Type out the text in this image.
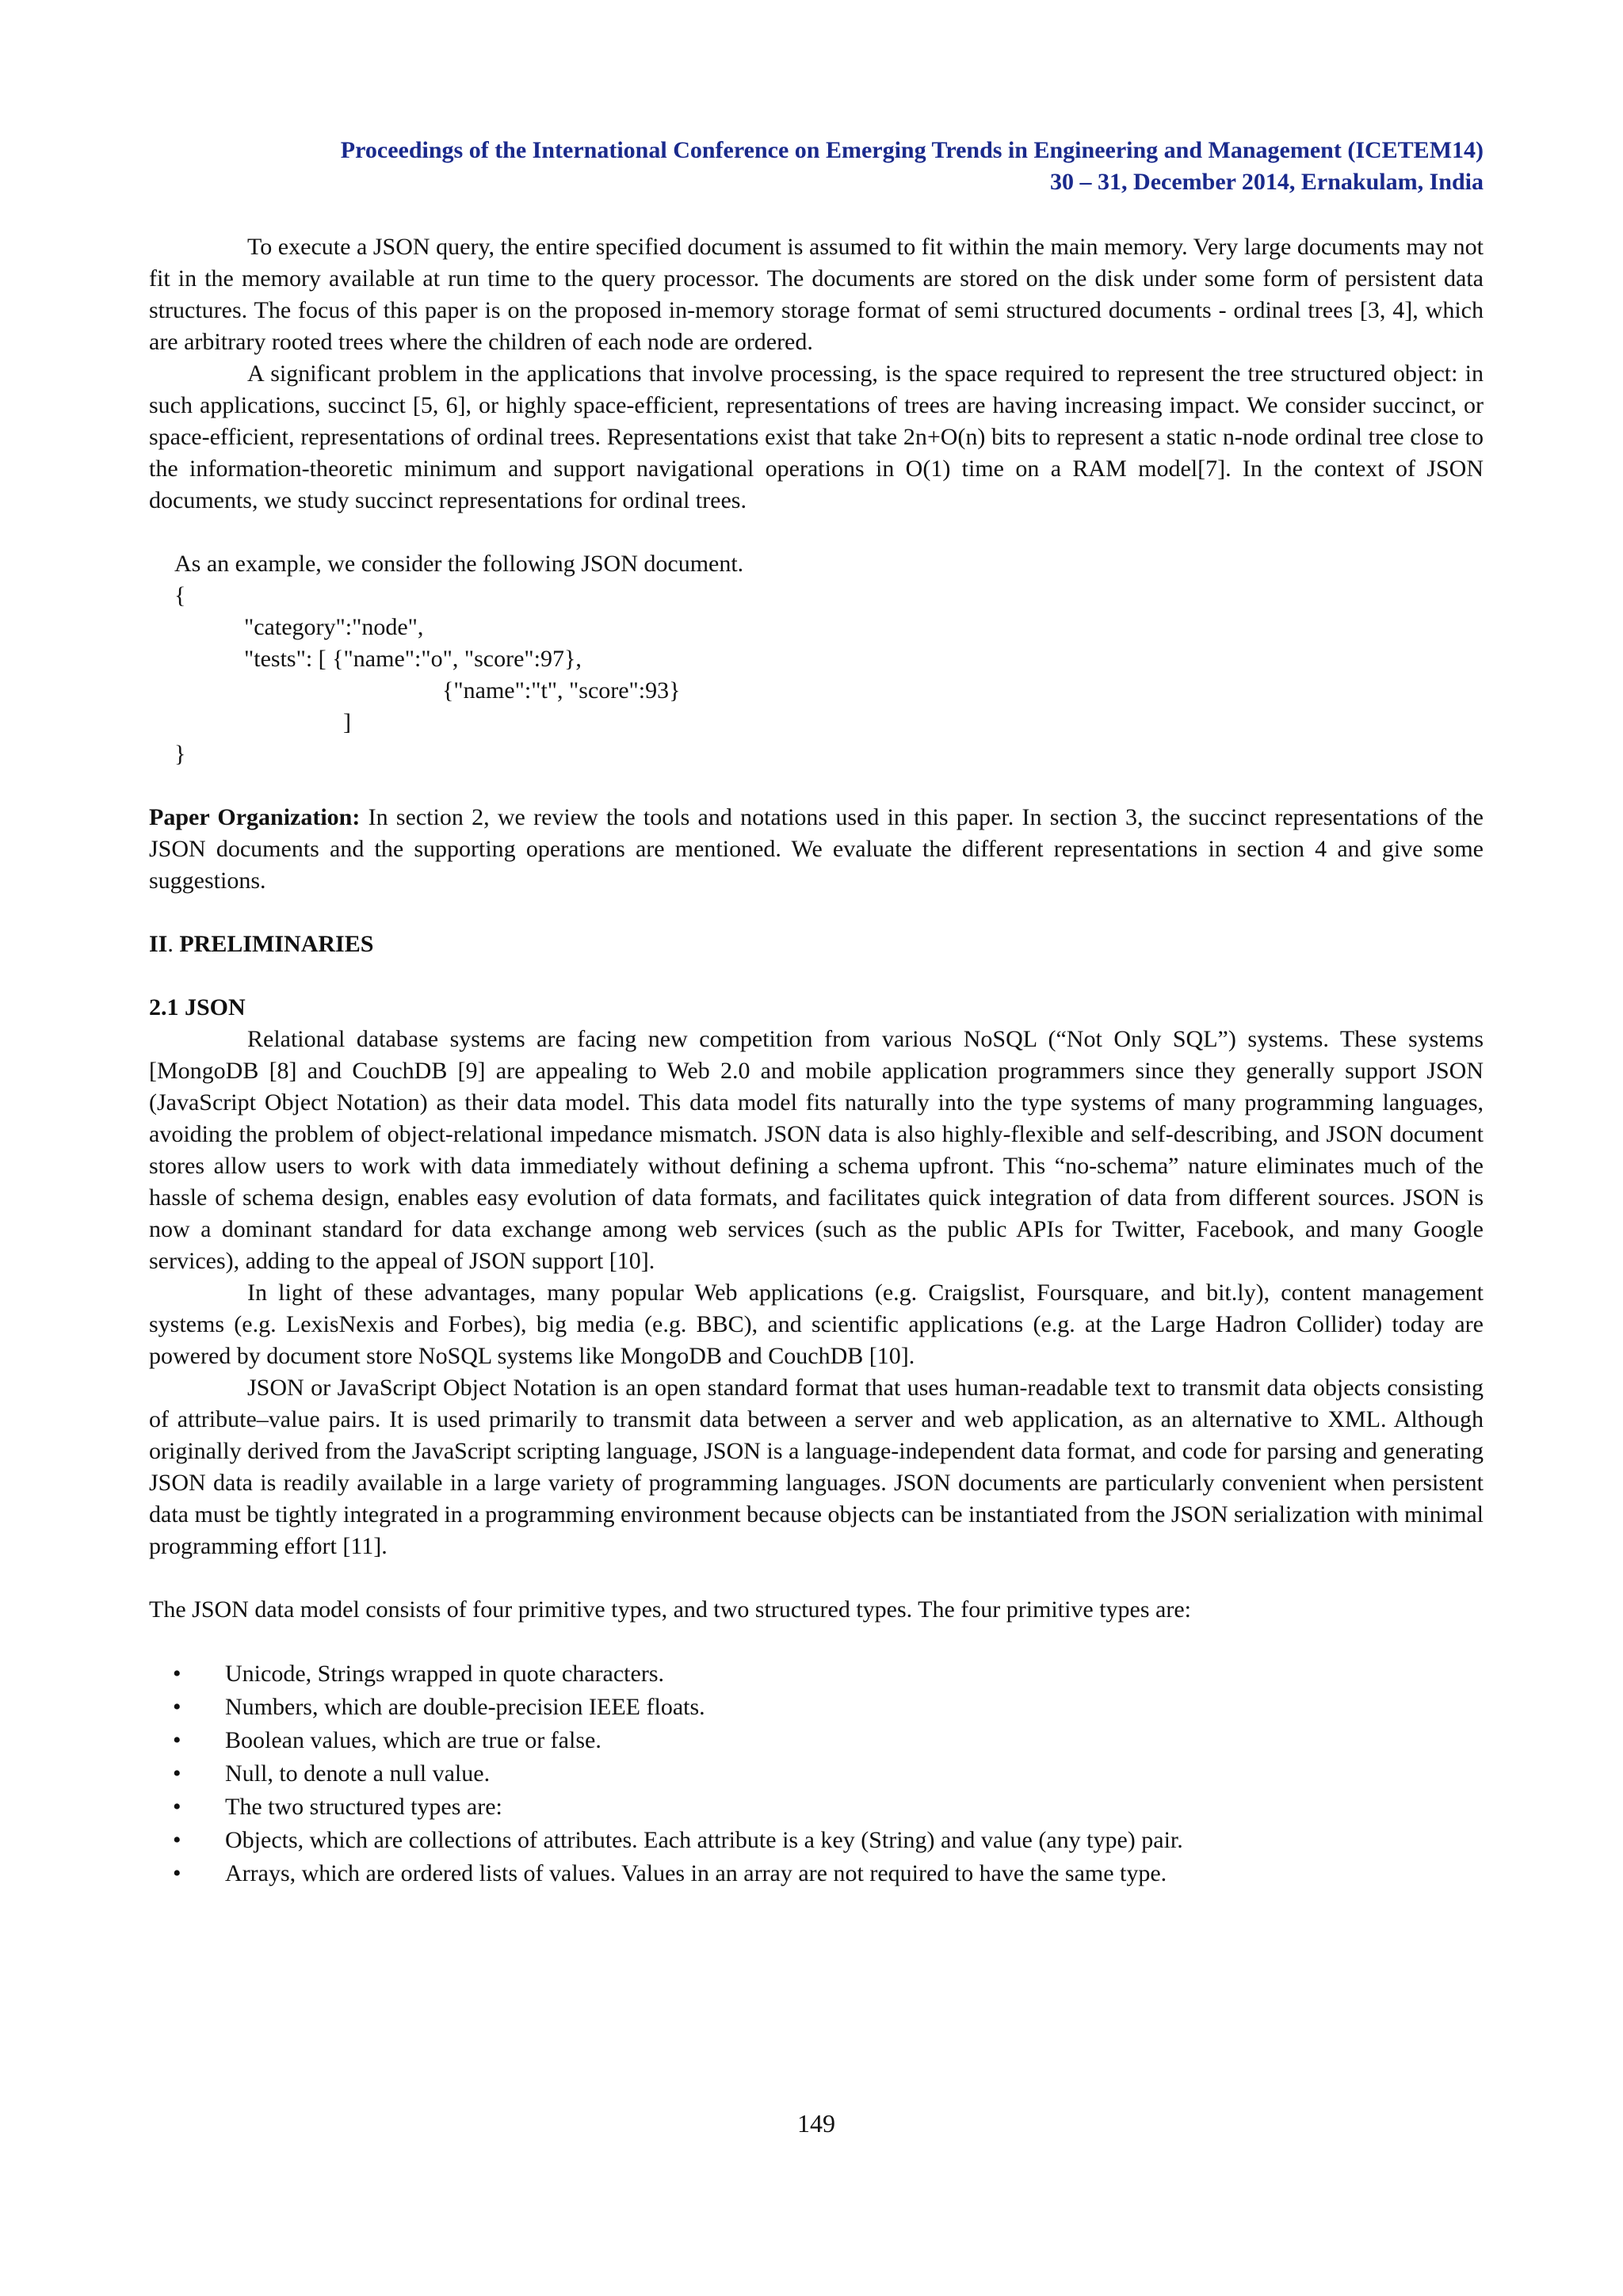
Proceedings of the International Conference on Emerging Trends in Engineering and Management (ICETEM14)
30 – 31, December 2014, Ernakulam, India

To execute a JSON query, the entire specified document is assumed to fit within the main memory. Very large documents may not fit in the memory available at run time to the query processor. The documents are stored on the disk under some form of persistent data structures. The focus of this paper is on the proposed in-memory storage format of semi structured documents - ordinal trees [3, 4], which are arbitrary rooted trees where the children of each node are ordered.

A significant problem in the applications that involve processing, is the space required to represent the tree structured object: in such applications, succinct [5, 6], or highly space-efficient, representations of trees are having increasing impact. We consider succinct, or space-efficient, representations of ordinal trees. Representations exist that take 2n+O(n) bits to represent a static n-node ordinal tree close to the information-theoretic minimum and support navigational operations in O(1) time on a RAM model[7]. In the context of JSON documents, we study succinct representations for ordinal trees.

As an example, we consider the following JSON document.
{
"category":"node",
"tests": [ {"name":"o", "score":97},
{"name":"t", "score":93}
]
}

Paper Organization: In section 2, we review the tools and notations used in this paper. In section 3, the succinct representations of the JSON documents and the supporting operations are mentioned. We evaluate the different representations in section 4 and give some suggestions.

II. PRELIMINARIES
2.1 JSON

Relational database systems are facing new competition from various NoSQL (“Not Only SQL”) systems. These systems [MongoDB [8] and CouchDB [9] are appealing to Web 2.0 and mobile application programmers since they generally support JSON (JavaScript Object Notation) as their data model. This data model fits naturally into the type systems of many programming languages, avoiding the problem of object-relational impedance mismatch. JSON data is also highly-flexible and self-describing, and JSON document stores allow users to work with data immediately without defining a schema upfront. This “no-schema” nature eliminates much of the hassle of schema design, enables easy evolution of data formats, and facilitates quick integration of data from different sources. JSON is now a dominant standard for data exchange among web services (such as the public APIs for Twitter, Facebook, and many Google services), adding to the appeal of JSON support [10].

In light of these advantages, many popular Web applications (e.g. Craigslist, Foursquare, and bit.ly), content management systems (e.g. LexisNexis and Forbes), big media (e.g. BBC), and scientific applications (e.g. at the Large Hadron Collider) today are powered by document store NoSQL systems like MongoDB and CouchDB [10].

JSON or JavaScript Object Notation is an open standard format that uses human-readable text to transmit data objects consisting of attribute–value pairs. It is used primarily to transmit data between a server and web application, as an alternative to XML. Although originally derived from the JavaScript scripting language, JSON is a language-independent data format, and code for parsing and generating JSON data is readily available in a large variety of programming languages. JSON documents are particularly convenient when persistent data must be tightly integrated in a programming environment because objects can be instantiated from the JSON serialization with minimal programming effort [11].

The JSON data model consists of four primitive types, and two structured types. The four primitive types are:

• Unicode, Strings wrapped in quote characters.
• Numbers, which are double-precision IEEE floats.
• Boolean values, which are true or false.
• Null, to denote a null value.
• The two structured types are:
• Objects, which are collections of attributes. Each attribute is a key (String) and value (any type) pair.
• Arrays, which are ordered lists of values. Values in an array are not required to have the same type.
149
